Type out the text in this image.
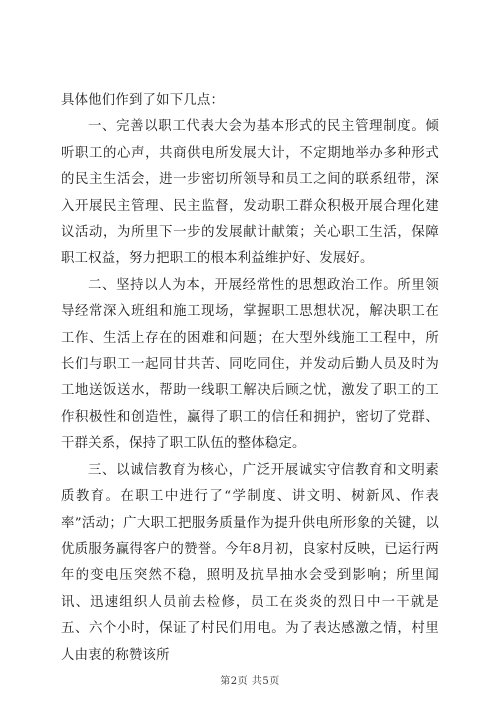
具体他们作到了如下几点：

一、完善以职工代表大会为基本形式的民主管理制度。倾听职工的心声，共商供电所发展大计，不定期地举办多种形式的民主生活会，进一步密切所领导和员工之间的联系纽带，深入开展民主管理、民主监督，发动职工群众积极开展合理化建议活动，为所里下一步的发展献计献策；关心职工生活，保障职工权益，努力把职工的根本利益维护好、发展好。

二、坚持以人为本，开展经常性的思想政治工作。所里领导经常深入班组和施工现场，掌握职工思想状况，解决职工在工作、生活上存在的困难和问题；在大型外线施工工程中，所长们与职工一起同甘共苦、同吃同住，并发动后勤人员及时为工地送饭送水，帮助一线职工解决后顾之忧，激发了职工的工作积极性和创造性，赢得了职工的信任和拥护，密切了党群、干群关系，保持了职工队伍的整体稳定。

三、以诚信教育为核心，广泛开展诚实守信教育和文明素质教育。在职工中进行了“学制度、讲文明、树新风、作表率”活动；广大职工把服务质量作为提升供电所形象的关键，以优质服务赢得客户的赞誉。今年8月初，良家村反映，已运行两年的变电压突然不稳，照明及抗旱抽水会受到影响；所里闻讯、迅速组织人员前去检修，员工在炎炎的烈日中一干就是五、六个小时，保证了村民们用电。为了表达感激之情，村里人由衷的称赞该所

第2页 共5页
